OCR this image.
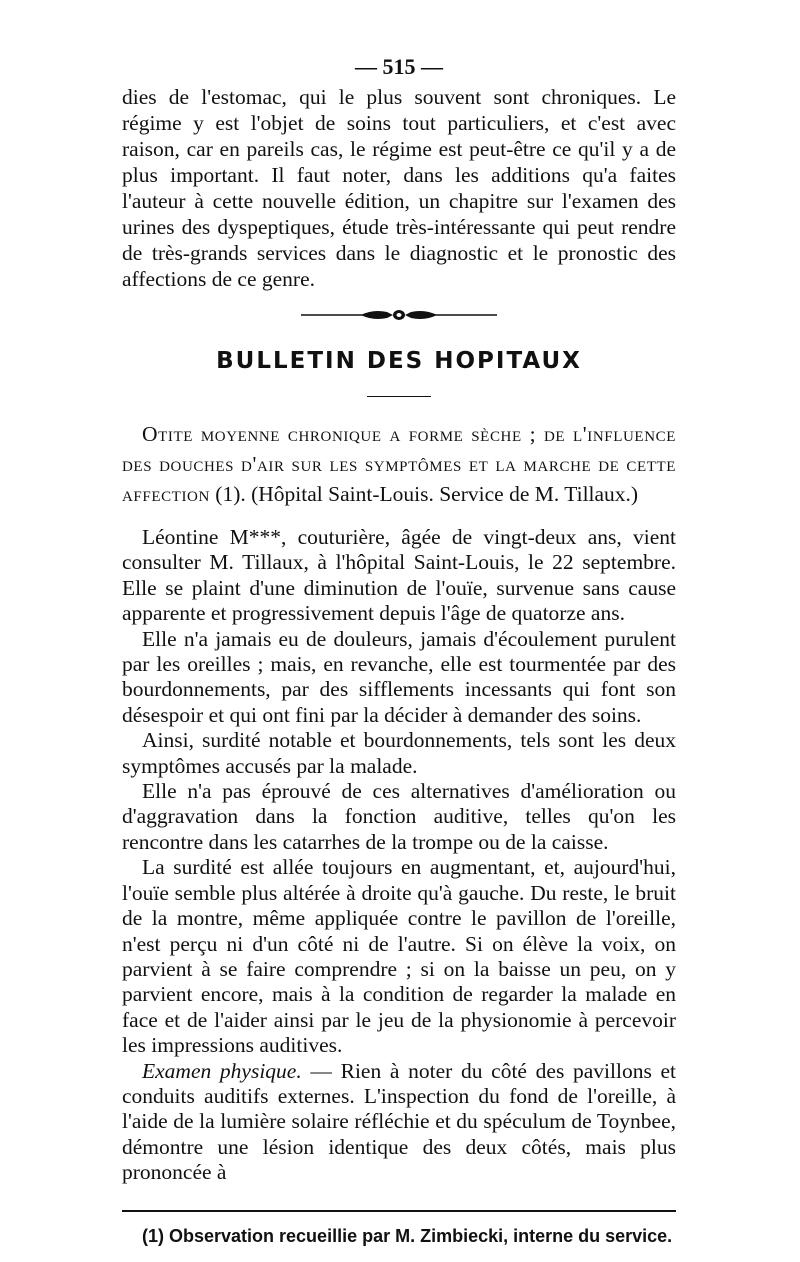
— 515 —

dies de l'estomac, qui le plus souvent sont chroniques. Le régime y est l'objet de soins tout particuliers, et c'est avec raison, car en pareils cas, le régime est peut-être ce qu'il y a de plus important. Il faut noter, dans les additions qu'a faites l'auteur à cette nouvelle édition, un chapitre sur l'examen des urines des dyspeptiques, étude très-intéressante qui peut rendre de très-grands services dans le diagnostic et le pronostic des affections de ce genre.

BULLETIN DES HOPITAUX

Otite moyenne chronique a forme sèche ; de l'influence des douches d'air sur les symptômes et la marche de cette affection (1). (Hôpital Saint-Louis. Service de M. Tillaux.)

Léontine M***, couturière, âgée de vingt-deux ans, vient consulter M. Tillaux, à l'hôpital Saint-Louis, le 22 septembre. Elle se plaint d'une diminution de l'ouïe, survenue sans cause apparente et progressivement depuis l'âge de quatorze ans.

Elle n'a jamais eu de douleurs, jamais d'écoulement purulent par les oreilles ; mais, en revanche, elle est tourmentée par des bourdonnements, par des sifflements incessants qui font son désespoir et qui ont fini par la décider à demander des soins.

Ainsi, surdité notable et bourdonnements, tels sont les deux symptômes accusés par la malade.

Elle n'a pas éprouvé de ces alternatives d'amélioration ou d'aggravation dans la fonction auditive, telles qu'on les rencontre dans les catarrhes de la trompe ou de la caisse.

La surdité est allée toujours en augmentant, et, aujourd'hui, l'ouïe semble plus altérée à droite qu'à gauche. Du reste, le bruit de la montre, même appliquée contre le pavillon de l'oreille, n'est perçu ni d'un côté ni de l'autre. Si on élève la voix, on parvient à se faire comprendre ; si on la baisse un peu, on y parvient encore, mais à la condition de regarder la malade en face et de l'aider ainsi par le jeu de la physionomie à percevoir les impressions auditives.

Examen physique. — Rien à noter du côté des pavillons et conduits auditifs externes. L'inspection du fond de l'oreille, à l'aide de la lumière solaire réfléchie et du spéculum de Toynbee, démontre une lésion identique des deux côtés, mais plus prononcée à

(1) Observation recueillie par M. Zimbiecki, interne du service.
